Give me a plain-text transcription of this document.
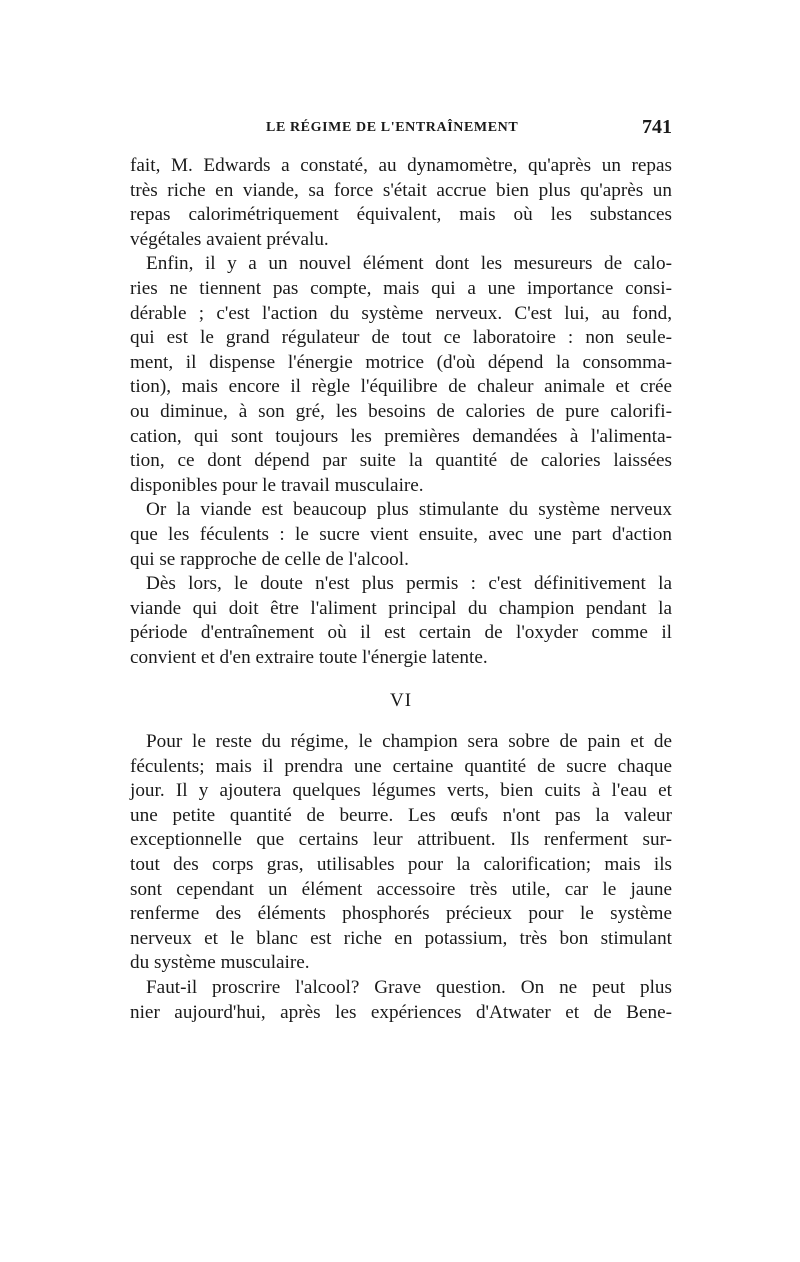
LE RÉGIME DE L'ENTRAÎNEMENT	741
fait, M. Edwards a constaté, au dynamomètre, qu'après un repas
très riche en viande, sa force s'était accrue bien plus qu'après un
repas calorimétriquement équivalent, mais où les substances
végétales avaient prévalu.
Enfin, il y a un nouvel élément dont les mesureurs de calo-
ries ne tiennent pas compte, mais qui a une importance consi-
dérable ; c'est l'action du système nerveux. C'est lui, au fond,
qui est le grand régulateur de tout ce laboratoire : non seule-
ment, il dispense l'énergie motrice (d'où dépend la consomma-
tion), mais encore il règle l'équilibre de chaleur animale et crée
ou diminue, à son gré, les besoins de calories de pure calorifi-
cation, qui sont toujours les premières demandées à l'alimenta-
tion, ce dont dépend par suite la quantité de calories laissées
disponibles pour le travail musculaire.
Or la viande est beaucoup plus stimulante du système nerveux
que les féculents : le sucre vient ensuite, avec une part d'action
qui se rapproche de celle de l'alcool.
Dès lors, le doute n'est plus permis : c'est définitivement la
viande qui doit être l'aliment principal du champion pendant la
période d'entraînement où il est certain de l'oxyder comme il
convient et d'en extraire toute l'énergie latente.
VI
Pour le reste du régime, le champion sera sobre de pain et de
féculents; mais il prendra une certaine quantité de sucre chaque
jour. Il y ajoutera quelques légumes verts, bien cuits à l'eau et
une petite quantité de beurre. Les œufs n'ont pas la valeur
exceptionnelle que certains leur attribuent. Ils renferment sur-
tout des corps gras, utilisables pour la calorification; mais ils
sont cependant un élément accessoire très utile, car le jaune
renferme des éléments phosphorés précieux pour le système
nerveux et le blanc est riche en potassium, très bon stimulant
du système musculaire.
Faut-il proscrire l'alcool? Grave question. On ne peut plus
nier aujourd'hui, après les expériences d'Atwater et de Bene-
